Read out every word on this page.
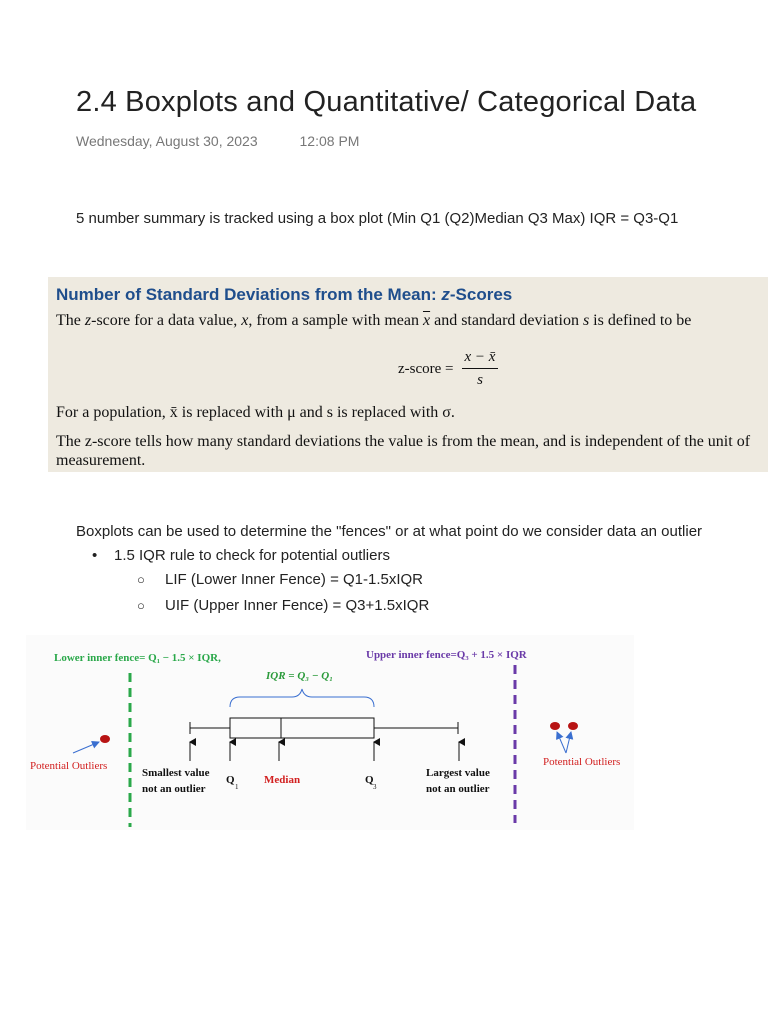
2.4 Boxplots and Quantitative/ Categorical Data
Wednesday, August 30, 2023	12:08 PM
5 number summary is tracked using a box plot (Min Q1 (Q2)Median Q3 Max) IQR = Q3-Q1
Number of Standard Deviations from the Mean: z-Scores
The z-score for a data value, x, from a sample with mean $\overline{x}$ and standard deviation s is defined to be
z-score = $\frac{x - x̄}{s}$
For a population, x̄ is replaced with μ and s is replaced with σ.
The z-score tells how many standard deviations the value is from the mean, and is independent of the unit of measurement.
Boxplots can be used to determine the "fences" or at what point do we consider data an outlier
• 1.5 IQR rule to check for potential outliers
○ LIF (Lower Inner Fence) = Q1-1.5xIQR
○ UIF (Upper Inner Fence) = Q3+1.5xIQR
Lower inner fence= Q₁ − 1.5 × IQR,	Upper inner fence=Q₃ + 1.5 × IQR
IQR = Q₃ − Q₁
Smallest value
not an outlier
Q
1
Median	Q
3
Largest value
not an outlier
Potential Outliers	Potential Outliers
